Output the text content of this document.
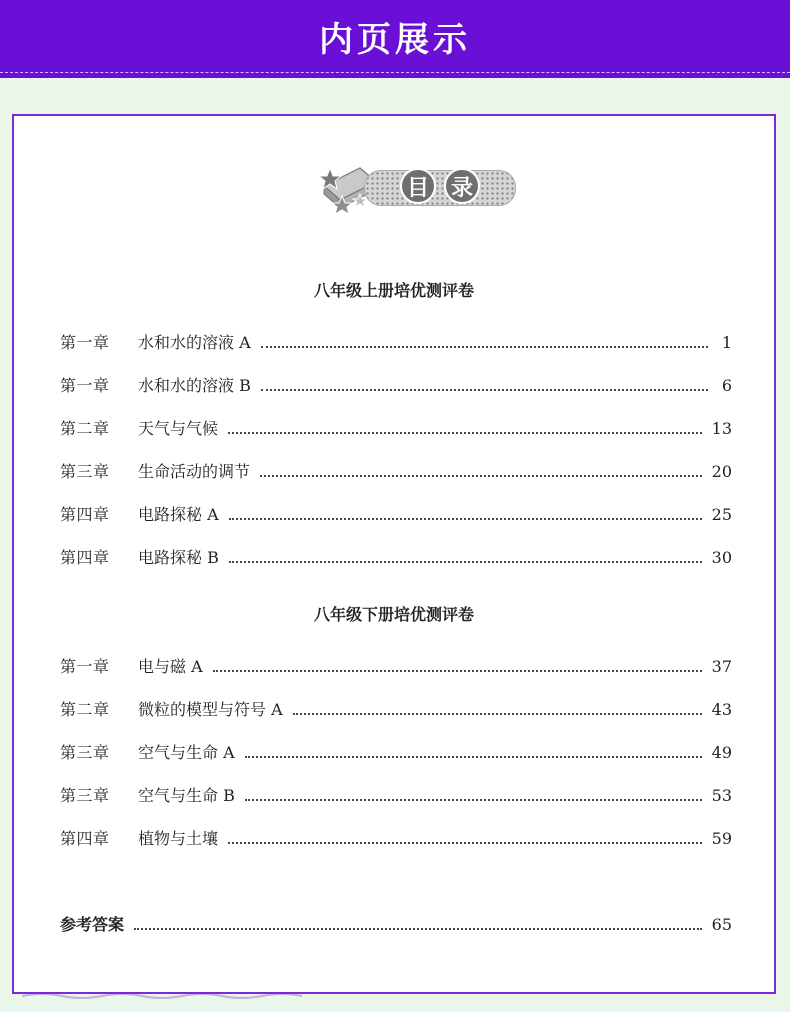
内页展示
目 录
八年级上册培优测评卷
第一章	水和水的溶液 A	1
第一章	水和水的溶液 B	6
第二章	天气与气候	13
第三章	生命活动的调节	20
第四章	电路探秘 A	25
第四章	电路探秘 B	30
八年级下册培优测评卷
第一章	电与磁 A	37
第二章	微粒的模型与符号 A	43
第三章	空气与生命 A	49
第三章	空气与生命 B	53
第四章	植物与土壤	59
参考答案	65
